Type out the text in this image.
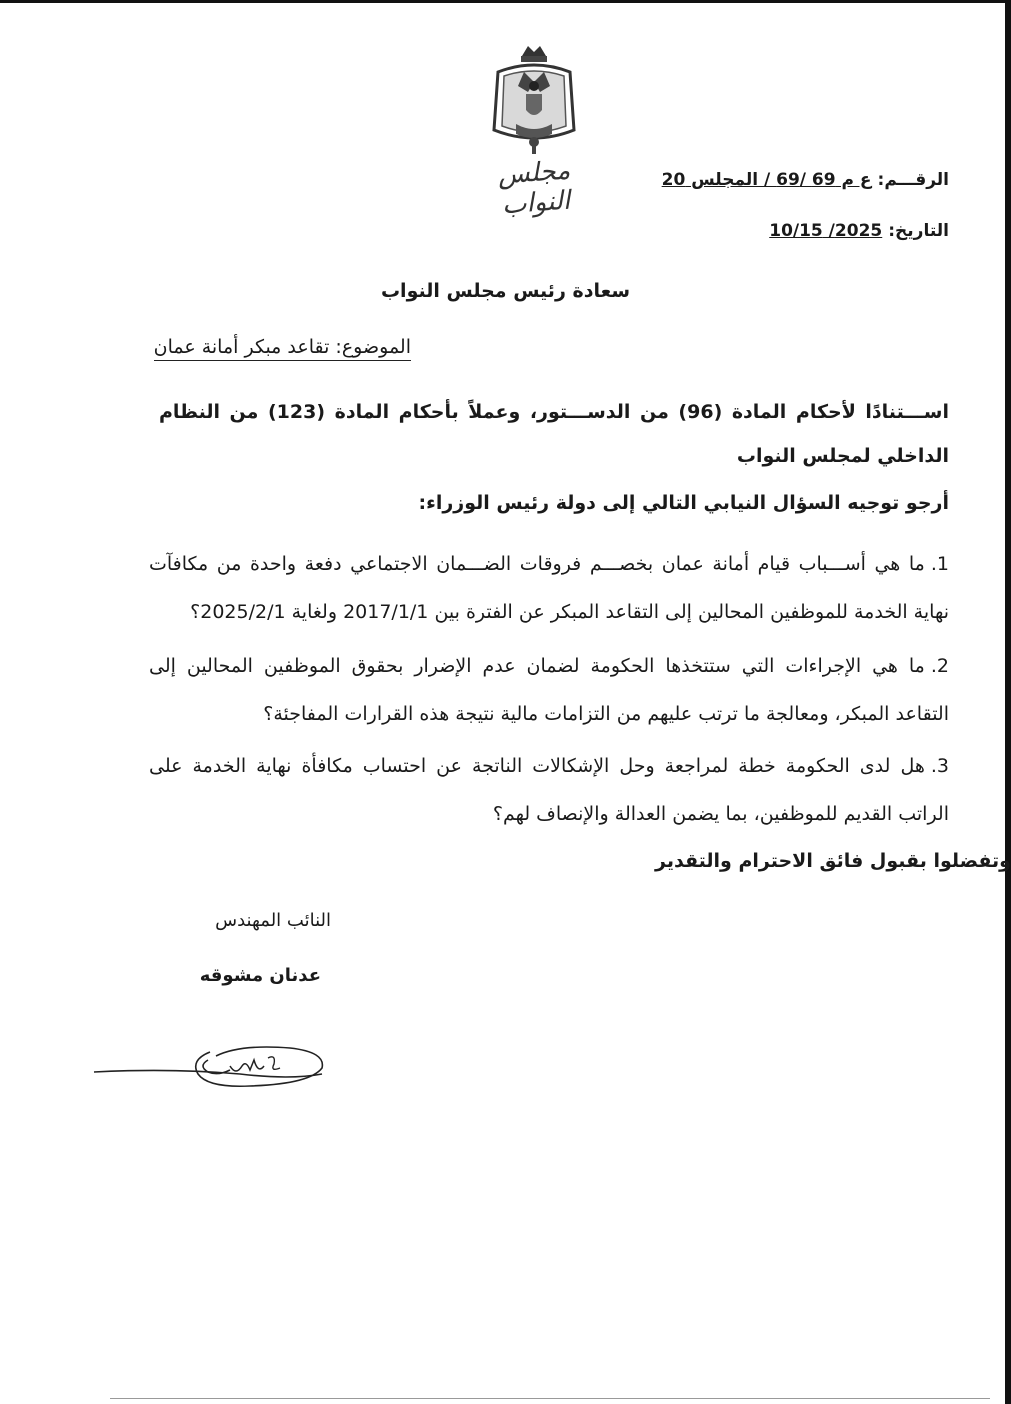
مجلس النواب
الرقـــم:ع م 69 /69 / المجلس 20
التاريخ:2025/ 10/15
سعادة رئيس مجلس النواب
الموضوع: تقاعد مبكر أمانة عمان
اســـتنادًا لأحكام المادة (96) من الدســـتور، وعملاً بأحكام المادة (123) من النظام الداخلي لمجلس النواب
أرجو توجيه السؤال النيابي التالي إلى دولة رئيس الوزراء:
1.ما هي أســـباب قيام أمانة عمان بخصـــم فروقات الضـــمان الاجتماعي دفعة واحدة من مكافآت نهاية الخدمة للموظفين المحالين إلى التقاعد المبكر عن الفترة بين 2017/1/1 ولغاية 2025/2/1؟
2.ما هي الإجراءات التي ستتخذها الحكومة لضمان عدم الإضرار بحقوق الموظفين المحالين إلى التقاعد المبكر، ومعالجة ما ترتب عليهم من التزامات مالية نتيجة هذه القرارات المفاجئة؟
3.هل لدى الحكومة خطة لمراجعة وحل الإشكالات الناتجة عن احتساب مكافأة نهاية الخدمة على الراتب القديم للموظفين، بما يضمن العدالة والإنصاف لهم؟
وتفضلوا بقبول فائق الاحترام والتقدير
النائب المهندس
عدنان مشوقه
